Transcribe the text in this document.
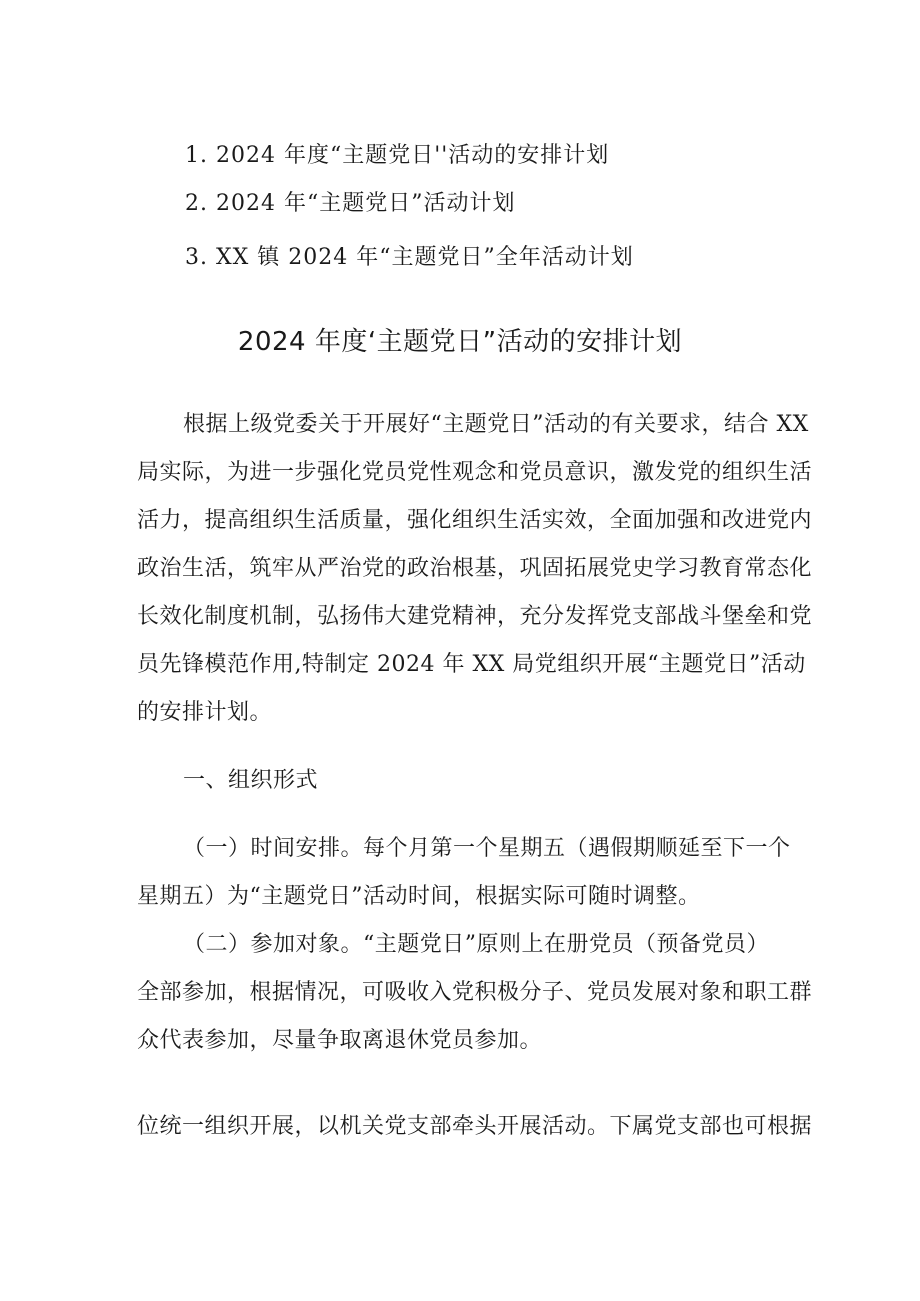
1. 2024 年度“主题党日''活动的安排计划
2. 2024 年“主题党日”活动计划
3. XX 镇 2024 年“主题党日”全年活动计划
2024 年度‘主题党日”活动的安排计划
根据上级党委关于开展好“主题党日”活动的有关要求，结合 XX
局实际，为进一步强化党员党性观念和党员意识，激发党的组织生活
活力，提高组织生活质量，强化组织生活实效，全面加强和改进党内
政治生活，筑牢从严治党的政治根基，巩固拓展党史学习教育常态化
长效化制度机制，弘扬伟大建党精神，充分发挥党支部战斗堡垒和党
员先锋模范作用,特制定 2024 年 XX 局党组织开展“主题党日”活动
的安排计划。
一、组织形式
（一）时间安排。每个月第一个星期五（遇假期顺延至下一个
星期五）为“主题党日”活动时间，根据实际可随时调整。
（二）参加对象。“主题党日”原则上在册党员（预备党员）
全部参加，根据情况，可吸收入党积极分子、党员发展对象和职工群
众代表参加，尽量争取离退休党员参加。
位统一组织开展，以机关党支部牵头开展活动。下属党支部也可根据
